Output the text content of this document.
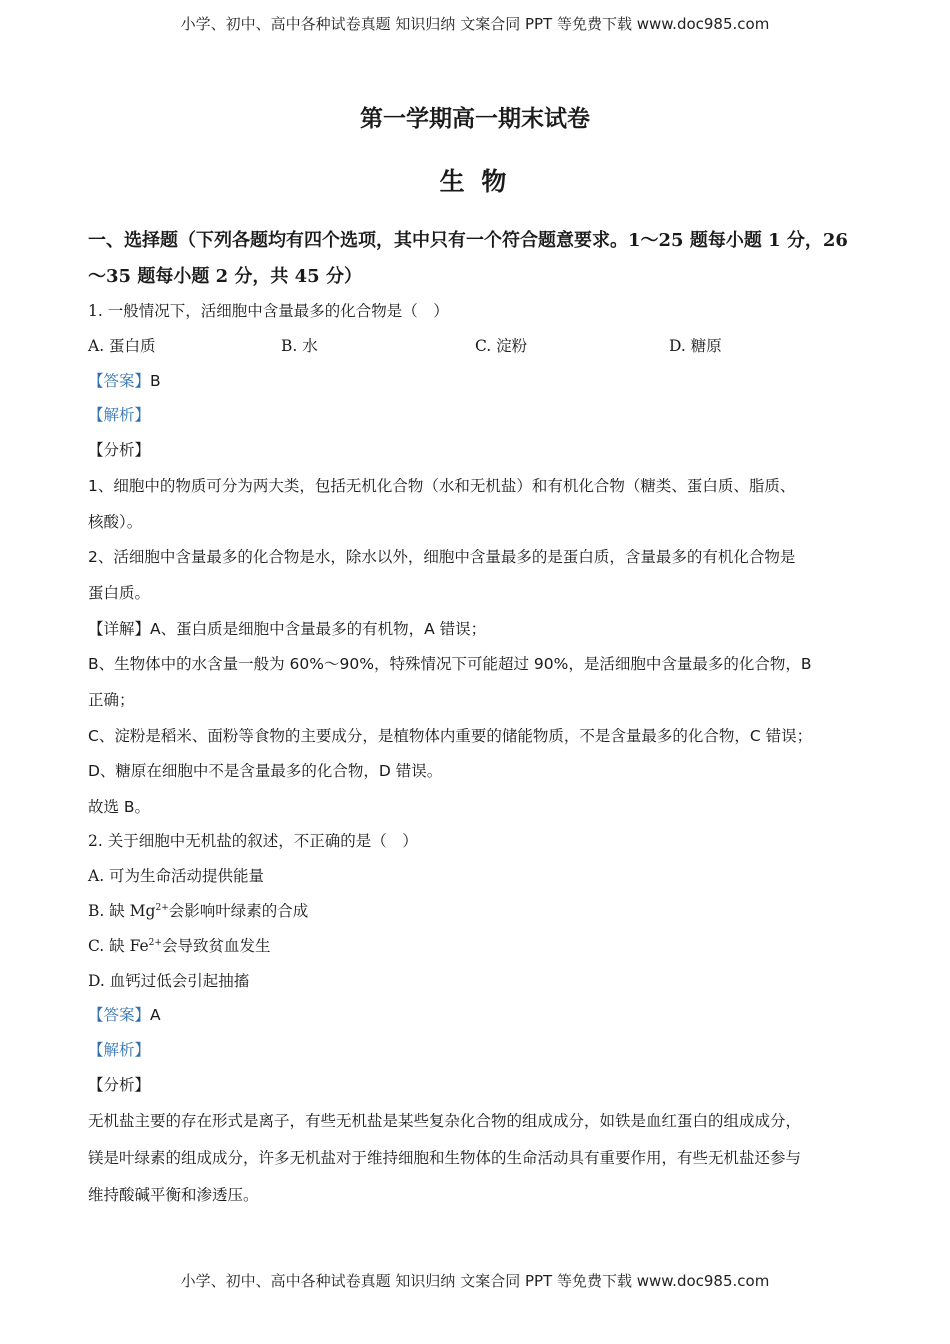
小学、初中、高中各种试卷真题 知识归纳 文案合同 PPT 等免费下载 www.doc985.com
第一学期高一期末试卷
生 物
一、选择题（下列各题均有四个选项，其中只有一个符合题意要求。1～25 题每小题 1 分，26
～35 题每小题 2 分，共 45 分）
1. 一般情况下，活细胞中含量最多的化合物是（　）
A. 蛋白质	B. 水	C. 淀粉	D. 糖原
【答案】B
【解析】
【分析】
1、细胞中的物质可分为两大类，包括无机化合物（水和无机盐）和有机化合物（糖类、蛋白质、脂质、
核酸）。
2、活细胞中含量最多的化合物是水，除水以外，细胞中含量最多的是蛋白质，含量最多的有机化合物是
蛋白质。
【详解】A、蛋白质是细胞中含量最多的有机物，A 错误；
B、生物体中的水含量一般为 60%～90%，特殊情况下可能超过 90%，是活细胞中含量最多的化合物，B
正确；
C、淀粉是稻米、面粉等食物的主要成分，是植物体内重要的储能物质，不是含量最多的化合物，C 错误；
D、糖原在细胞中不是含量最多的化合物，D 错误。
故选 B。
2. 关于细胞中无机盐的叙述，不正确的是（　）
A. 可为生命活动提供能量
B. 缺 $Mg^{2+}$会影响叶绿素的合成
C. 缺 $Fe^{2+}$会导致贫血发生
D. 血钙过低会引起抽搐
【答案】A
【解析】
【分析】
无机盐主要的存在形式是离子，有些无机盐是某些复杂化合物的组成成分，如铁是血红蛋白的组成成分，
镁是叶绿素的组成成分，许多无机盐对于维持细胞和生物体的生命活动具有重要作用，有些无机盐还参与
维持酸碱平衡和渗透压。
小学、初中、高中各种试卷真题 知识归纳 文案合同 PPT 等免费下载 www.doc985.com
